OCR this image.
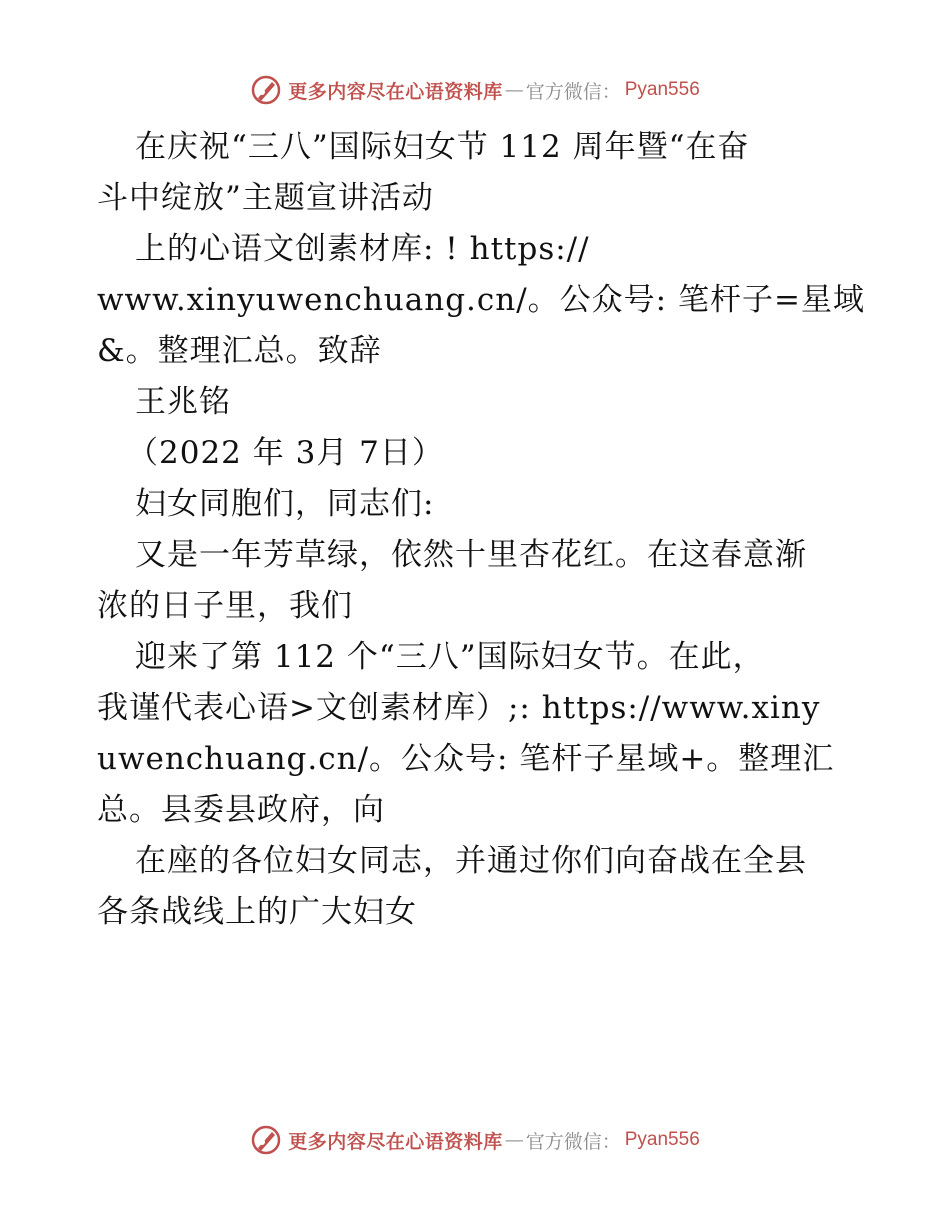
更多内容尽在心语资料库 — 官方微信： Pyan556
在庆祝“三八”国际妇女节 112 周年暨“在奋
斗中绽放”主题宣讲活动
上的心语文创素材库: ! https://
www.xinyuwenchuang.cn/。公众号: 笔杆子=星域
&。整理汇总。致辞
王兆铭
（2022 年 3月 7日）
妇女同胞们，同志们:
又是一年芳草绿，依然十里杏花红。在这春意渐
浓的日子里，我们
迎来了第 112 个“三八”国际妇女节。在此，
我谨代表心语>文创素材库）;: https://www.xiny
uwenchuang.cn/。公众号: 笔杆子星域+。整理汇
总。县委县政府，向
在座的各位妇女同志，并通过你们向奋战在全县
各条战线上的广大妇女
更多内容尽在心语资料库 — 官方微信： Pyan556
